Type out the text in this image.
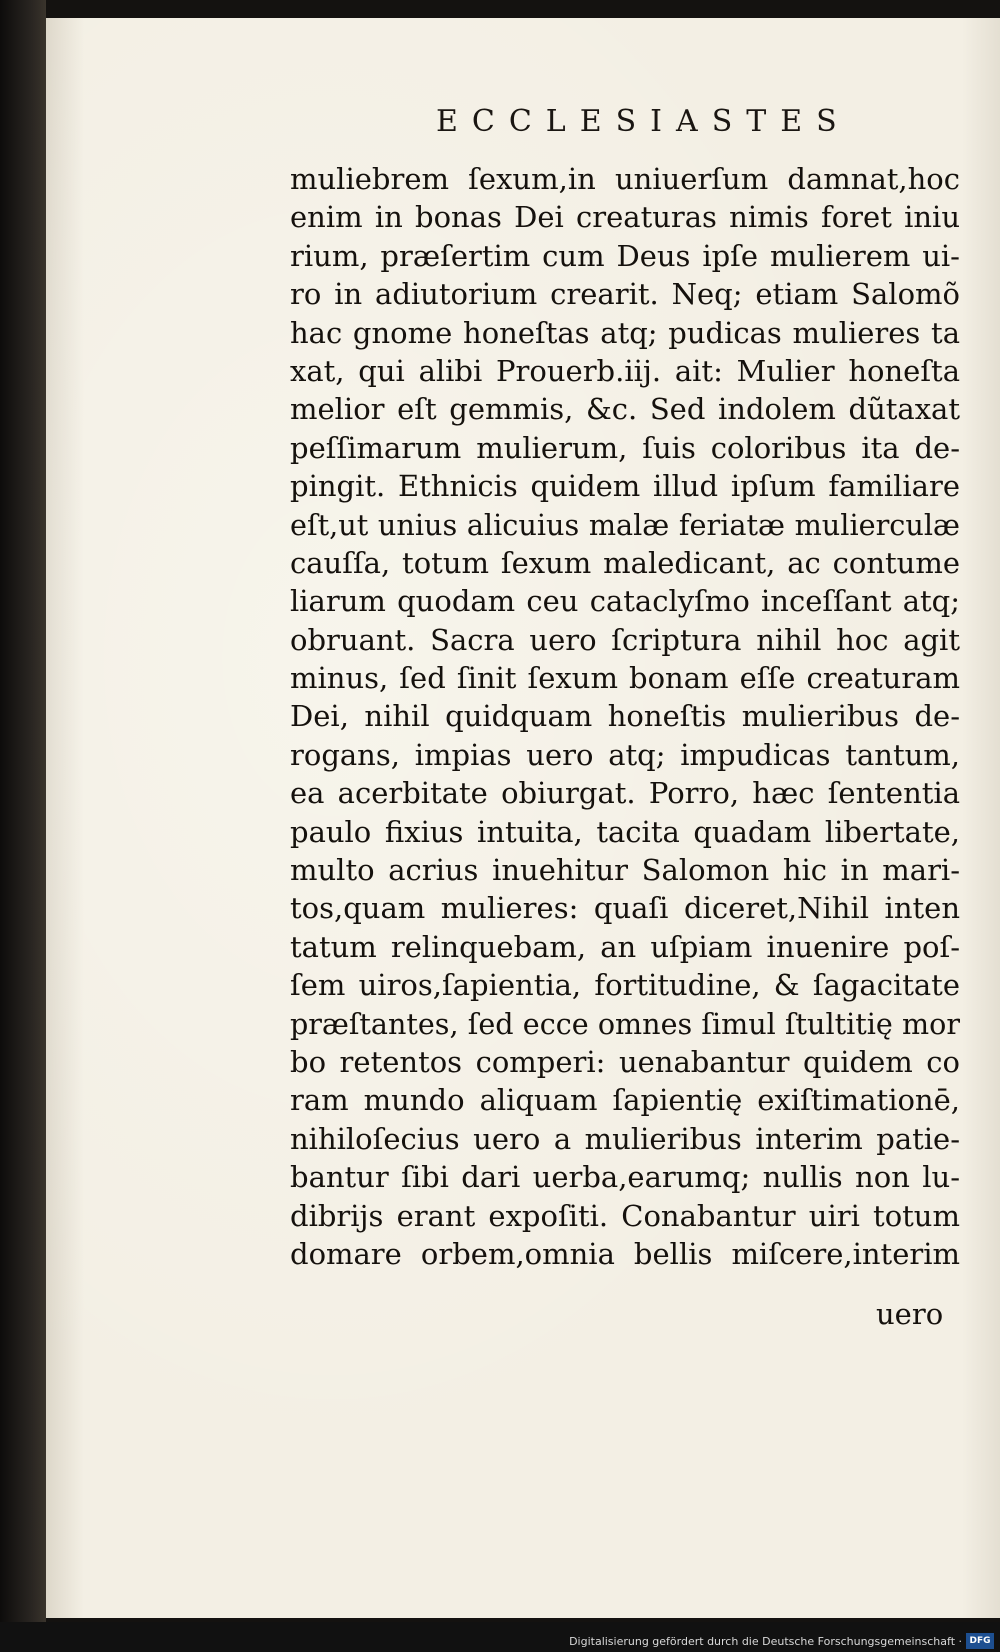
ECCLESIASTES
muliebrem ſexum,in uniuerſum damnat,hoc
enim in bonas Dei creaturas nimis foret iniu
rium, præſertim cum Deus ipſe mulierem ui-
ro in adiutorium crearit. Neq; etiam Salomõ
hac gnome honeſtas atq; pudicas mulieres ta
xat, qui alibi Prouerb.iij. ait: Mulier honeſta
melior eſt gemmis, &c. Sed indolem dũtaxat
peſſimarum mulierum, ſuis coloribus ita de-
pingit. Ethnicis quidem illud ipſum familiare
eſt,ut unius alicuius malæ feriatæ mulierculæ
cauſſa, totum ſexum maledicant, ac contume
liarum quodam ceu cataclyſmo inceſſant atq;
obruant. Sacra uero ſcriptura nihil hoc agit
minus, ſed ſinit ſexum bonam eſſe creaturam
Dei, nihil quidquam honeſtis mulieribus de-
rogans, impias uero atq; impudicas tantum,
ea acerbitate obiurgat. Porro, hæc ſententia
paulo fixius intuita, tacita quadam libertate,
multo acrius inuehitur Salomon hic in mari-
tos,quam mulieres: quaſi diceret,Nihil inten
tatum relinquebam, an uſpiam inuenire poſ-
ſem uiros,ſapientia, fortitudine, & ſagacitate
præſtantes, ſed ecce omnes ſimul ſtultitię mor
bo retentos comperi: uenabantur quidem co
ram mundo aliquam ſapientię exiſtimationē,
nihiloſecius uero a mulieribus interim patie-
bantur ſibi dari uerba,earumq; nullis non lu-
dibrijs erant expoſiti. Conabantur uiri totum
domare orbem,omnia bellis miſcere,interim
uero
Digitalisierung gefördert durch die Deutsche Forschungsgemeinschaft · DFG
